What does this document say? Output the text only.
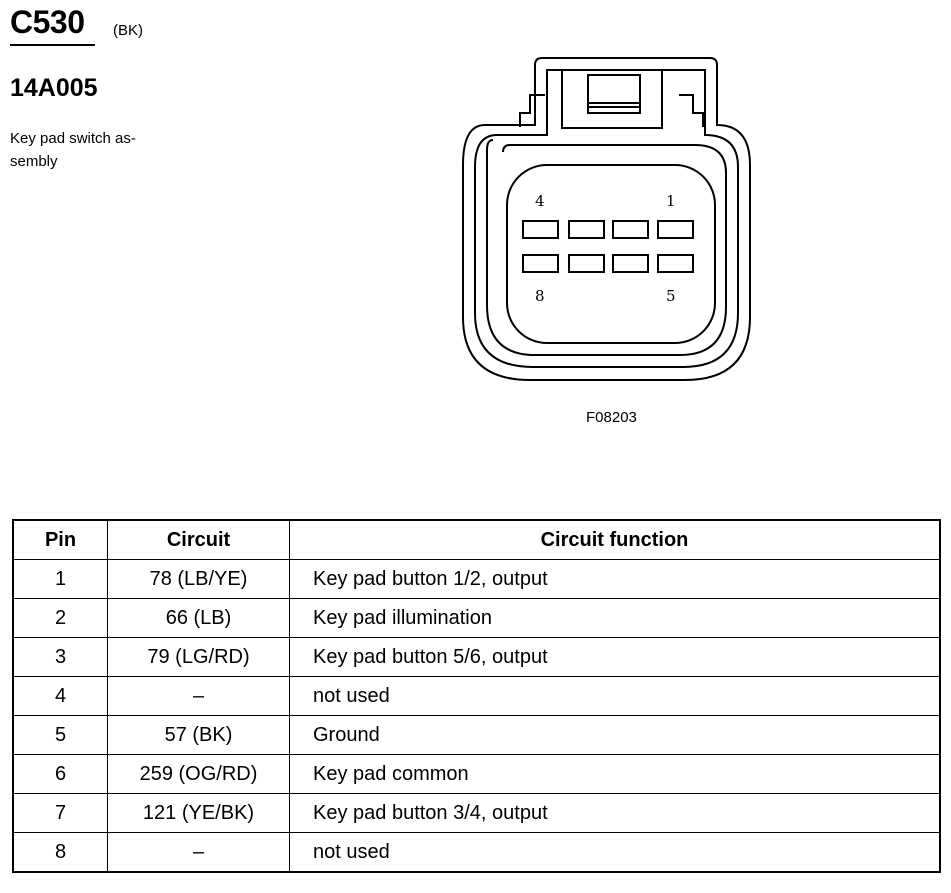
C530 (BK)
14A005
Key pad switch as-sembly
4	1
8	5
F08203
Pin	Circuit	Circuit function
1	78 (LB/YE)	Key pad button 1/2, output
2	66 (LB)	Key pad illumination
3	79 (LG/RD)	Key pad button 5/6, output
4	–	not used
5	57 (BK)	Ground
6	259 (OG/RD)	Key pad common
7	121 (YE/BK)	Key pad button 3/4, output
8	–	not used
